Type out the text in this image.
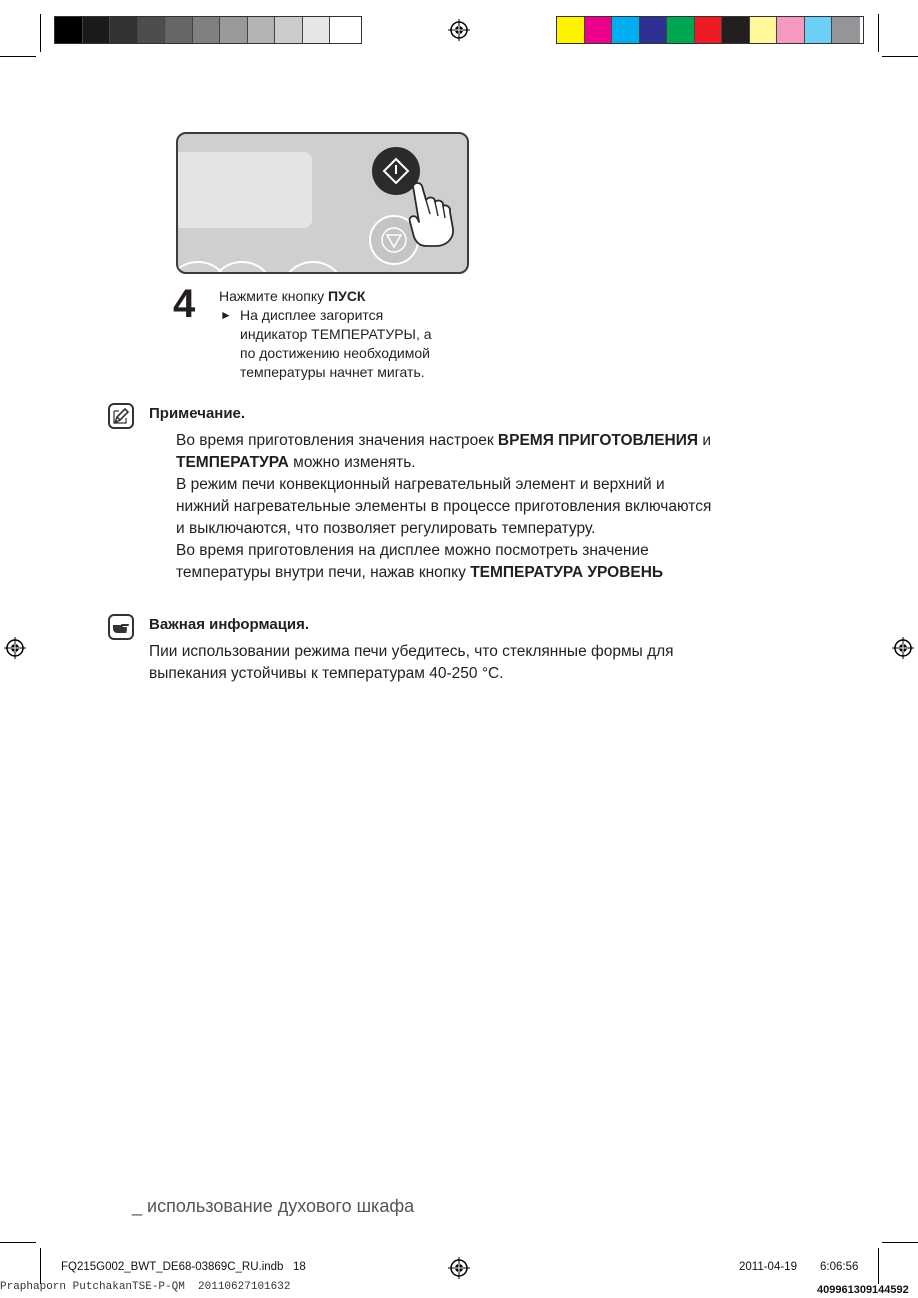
4 Нажмите кнопку ПУСК
► На дисплее загорится
индикатор ТЕМПЕРАТУРЫ, а
по достижению необходимой
температуры начнет мигать.
Примечание.
Во время приготовления значения настроек ВРЕМЯ ПРИГОТОВЛЕНИЯ и
ТЕМПЕРАТУРА можно изменять.
В режим печи конвекционный нагревательный элемент и верхний и
нижний нагревательные элементы в процессе приготовления включаются
и выключаются, что позволяет регулировать температуру.
Во время приготовления на дисплее можно посмотреть значение
температуры внутри печи, нажав кнопку ТЕМПЕРАТУРА УРОВЕНЬ
Важная информация.
Пии использовании режима печи убедитесь, что стеклянные формы для
выпекания устойчивы к температурам 40-250 °С.
_ использование духового шкафа
FQ215G002_BWT_DE68-03869C_RU.indb   18	2011-04-19 6:06:56
Praphaporn PutchakanTSE-P-QM  20110627101632	409961309144592
